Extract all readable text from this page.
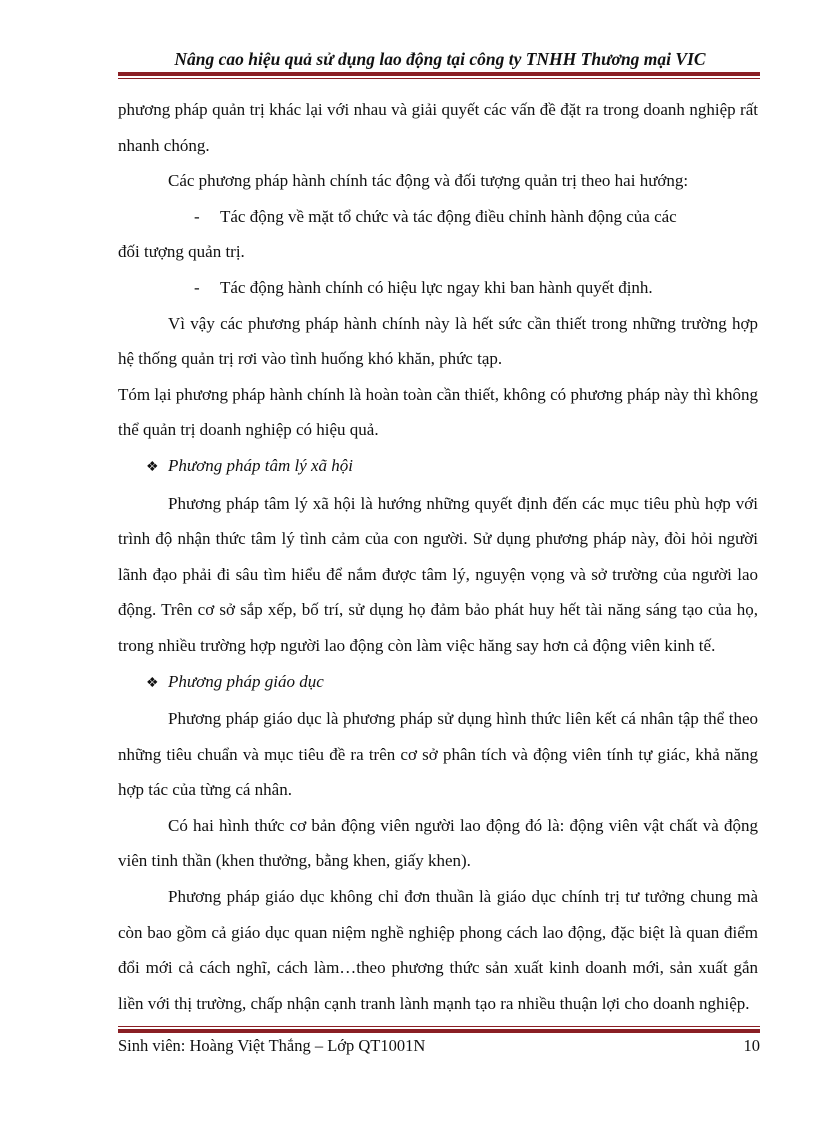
Nâng cao hiệu quả sử dụng lao động tại công ty TNHH Thương mại VIC

phương pháp quản trị khác lại với nhau và giải quyết các vấn đề đặt ra trong doanh nghiệp rất nhanh chóng.

Các phương pháp hành chính tác động và đối tượng quản trị theo hai hướng:

- Tác động về mặt tổ chức và tác động điều chỉnh hành động của các

đối tượng quản trị.

- Tác động hành chính có hiệu lực ngay khi ban hành quyết định.

Vì vậy các phương pháp hành chính này là hết sức cần thiết trong những trường hợp hệ thống quản trị rơi vào tình huống khó khăn, phức tạp.

Tóm lại phương pháp hành chính là hoàn toàn cần thiết, không có phương pháp này thì không thể quản trị doanh nghiệp có hiệu quả.

❖ Phương pháp tâm lý xã hội

Phương pháp tâm lý xã hội là hướng những quyết định đến các mục tiêu phù hợp với trình độ nhận thức tâm lý tình cảm của con người. Sử dụng phương pháp này, đòi hỏi người lãnh đạo phải đi sâu tìm hiểu để nắm được tâm lý, nguyện vọng và sở trường của người lao động. Trên cơ sở sắp xếp, bố trí, sử dụng họ đảm bảo phát huy hết tài năng sáng tạo của họ, trong nhiều trường hợp người lao động còn làm việc hăng say hơn cả động viên kinh tế.

❖ Phương pháp giáo dục

Phương pháp giáo dục là phương pháp sử dụng hình thức liên kết cá nhân tập thể theo những tiêu chuẩn và mục tiêu đề ra trên cơ sở phân tích và động viên tính tự giác, khả năng hợp tác của từng cá nhân.

Có hai hình thức cơ bản động viên người lao động đó là: động viên vật chất và động viên tinh thần (khen thưởng, bằng khen, giấy khen).

Phương pháp giáo dục không chỉ đơn thuần là giáo dục chính trị tư tưởng chung mà còn bao gồm cả giáo dục quan niệm nghề nghiệp phong cách lao động, đặc biệt là quan điểm đổi mới cả cách nghĩ, cách làm…theo phương thức sản xuất kinh doanh mới, sản xuất gắn liền với thị trường, chấp nhận cạnh tranh lành mạnh tạo ra nhiều thuận lợi cho doanh nghiệp.

Sinh viên: Hoàng Việt Thắng – Lớp QT1001N	10
